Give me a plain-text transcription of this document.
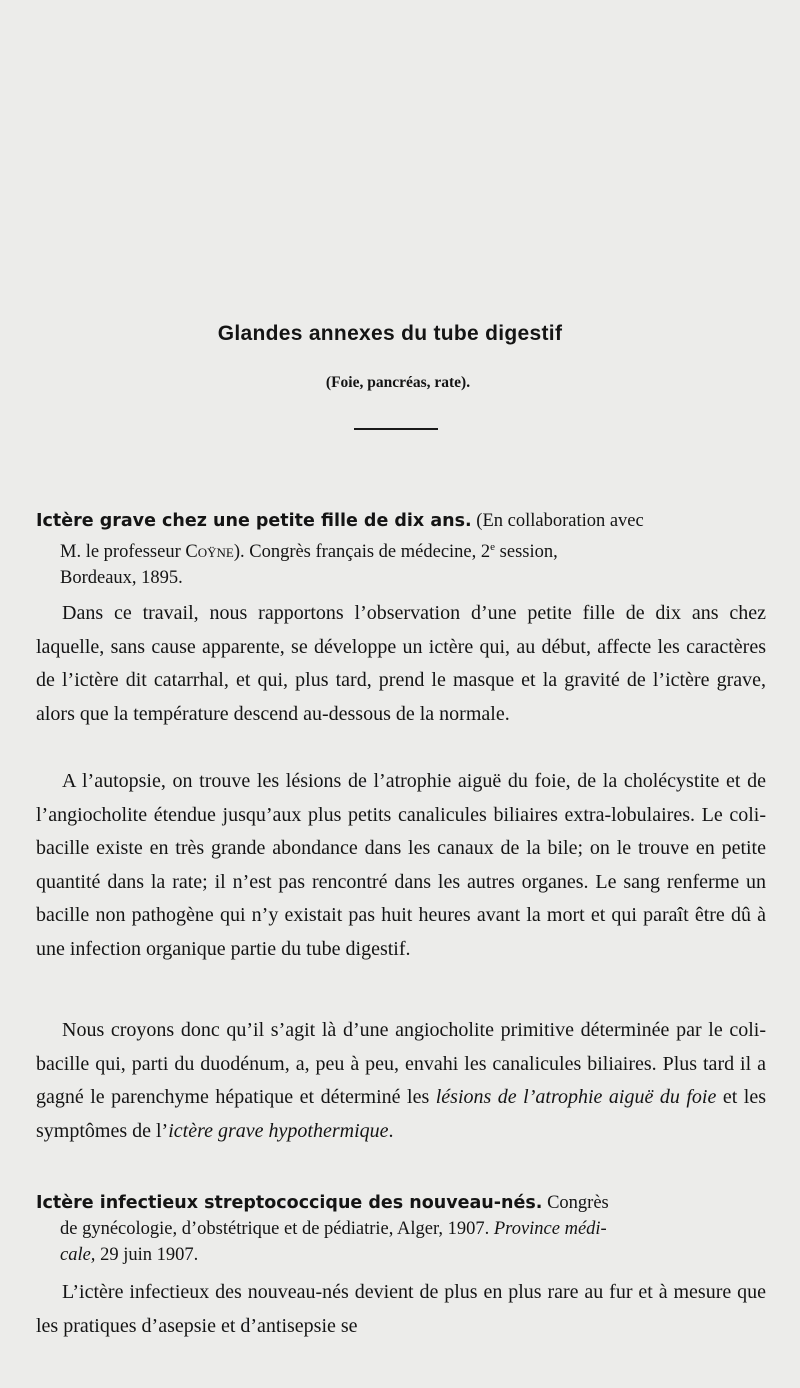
Glandes annexes du tube digestif
(Foie, pancréas, rate).
Ictère grave chez une petite fille de dix ans. (En collaboration avec
M. le professeur Coÿne). Congrès français de médecine, 2e session,
Bordeaux, 1895.
Dans ce travail, nous rapportons l’observation d’une petite fille de dix ans chez laquelle, sans cause apparente, se développe un ictère qui, au début, affecte les caractères de l’ictère dit catarrhal, et qui, plus tard, prend le masque et la gravité de l’ictère grave, alors que la température descend au-dessous de la normale.
A l’autopsie, on trouve les lésions de l’atrophie aiguë du foie, de la cholécystite et de l’angiocholite étendue jusqu’aux plus petits canalicules biliaires extra-lobulaires. Le coli-bacille existe en très grande abondance dans les canaux de la bile; on le trouve en petite quantité dans la rate; il n’est pas rencontré dans les autres organes. Le sang renferme un bacille non pathogène qui n’y existait pas huit heures avant la mort et qui paraît être dû à une infection organique partie du tube digestif.
Nous croyons donc qu’il s’agit là d’une angiocholite primitive déterminée par le coli-bacille qui, parti du duodénum, a, peu à peu, envahi les canalicules biliaires. Plus tard il a gagné le parenchyme hépatique et déterminé les lésions de l’atrophie aiguë du foie et les symptômes de l’ictère grave hypothermique.
Ictère infectieux streptococcique des nouveau-nés. Congrès
de gynécologie, d’obstétrique et de pédiatrie, Alger, 1907. Province médi-
cale, 29 juin 1907.
L’ictère infectieux des nouveau-nés devient de plus en plus rare au fur et à mesure que les pratiques d’asepsie et d’antisepsie se
